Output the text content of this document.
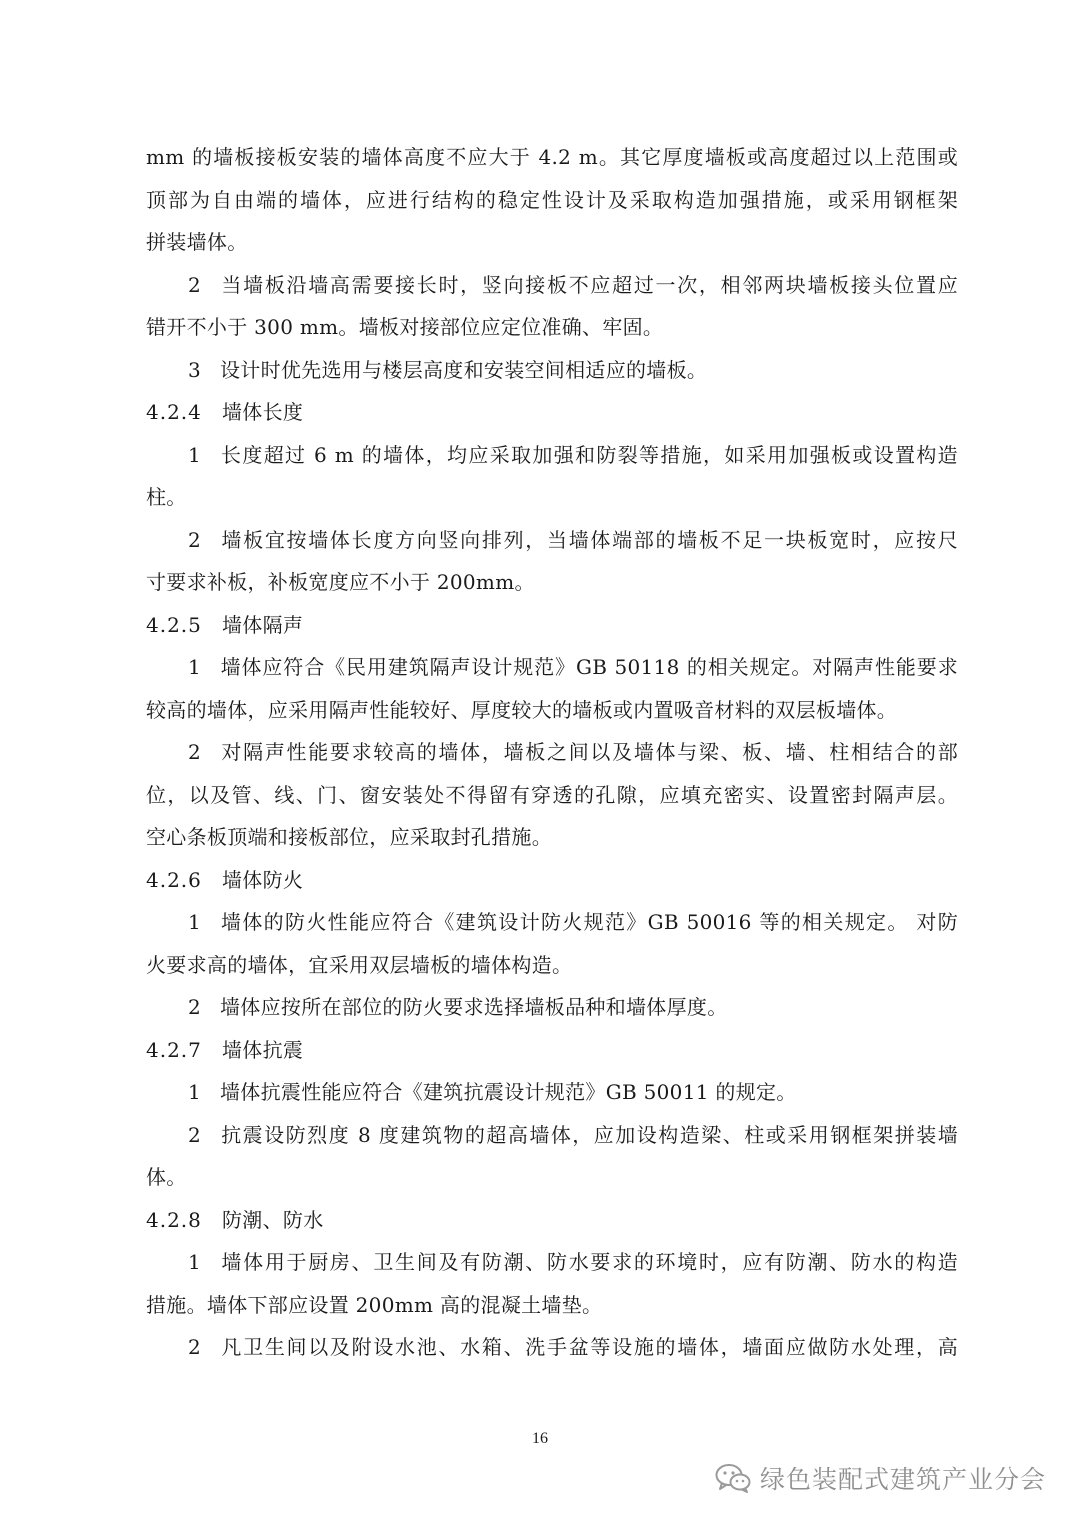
mm 的墙板接板安装的墙体高度不应大于 4.2 m。其它厚度墙板或高度超过以上范围或
顶部为自由端的墙体，应进行结构的稳定性设计及采取构造加强措施，或采用钢框架
拼装墙体。
2 当墙板沿墙高需要接长时，竖向接板不应超过一次，相邻两块墙板接头位置应
错开不小于 300 mm。墙板对接部位应定位准确、牢固。
3 设计时优先选用与楼层高度和安装空间相适应的墙板。
4.2.4 墙体长度
1 长度超过 6 m 的墙体，均应采取加强和防裂等措施，如采用加强板或设置构造
柱。
2 墙板宜按墙体长度方向竖向排列，当墙体端部的墙板不足一块板宽时，应按尺
寸要求补板，补板宽度应不小于 200mm。
4.2.5 墙体隔声
1 墙体应符合《民用建筑隔声设计规范》GB 50118 的相关规定。对隔声性能要求
较高的墙体，应采用隔声性能较好、厚度较大的墙板或内置吸音材料的双层板墙体。
2 对隔声性能要求较高的墙体，墙板之间以及墙体与梁、板、墙、柱相结合的部
位，以及管、线、门、窗安装处不得留有穿透的孔隙，应填充密实、设置密封隔声层。
空心条板顶端和接板部位，应采取封孔措施。
4.2.6 墙体防火
1 墙体的防火性能应符合《建筑设计防火规范》GB 50016 等的相关规定。 对防
火要求高的墙体，宜采用双层墙板的墙体构造。
2 墙体应按所在部位的防火要求选择墙板品种和墙体厚度。
4.2.7 墙体抗震
1 墙体抗震性能应符合《建筑抗震设计规范》GB 50011 的规定。
2 抗震设防烈度 8 度建筑物的超高墙体，应加设构造梁、柱或采用钢框架拼装墙
体。
4.2.8 防潮、防水
1 墙体用于厨房、卫生间及有防潮、防水要求的环境时，应有防潮、防水的构造
措施。墙体下部应设置 200mm 高的混凝土墙垫。
2 凡卫生间以及附设水池、水箱、洗手盆等设施的墙体，墙面应做防水处理，高
16
绿色装配式建筑产业分会
